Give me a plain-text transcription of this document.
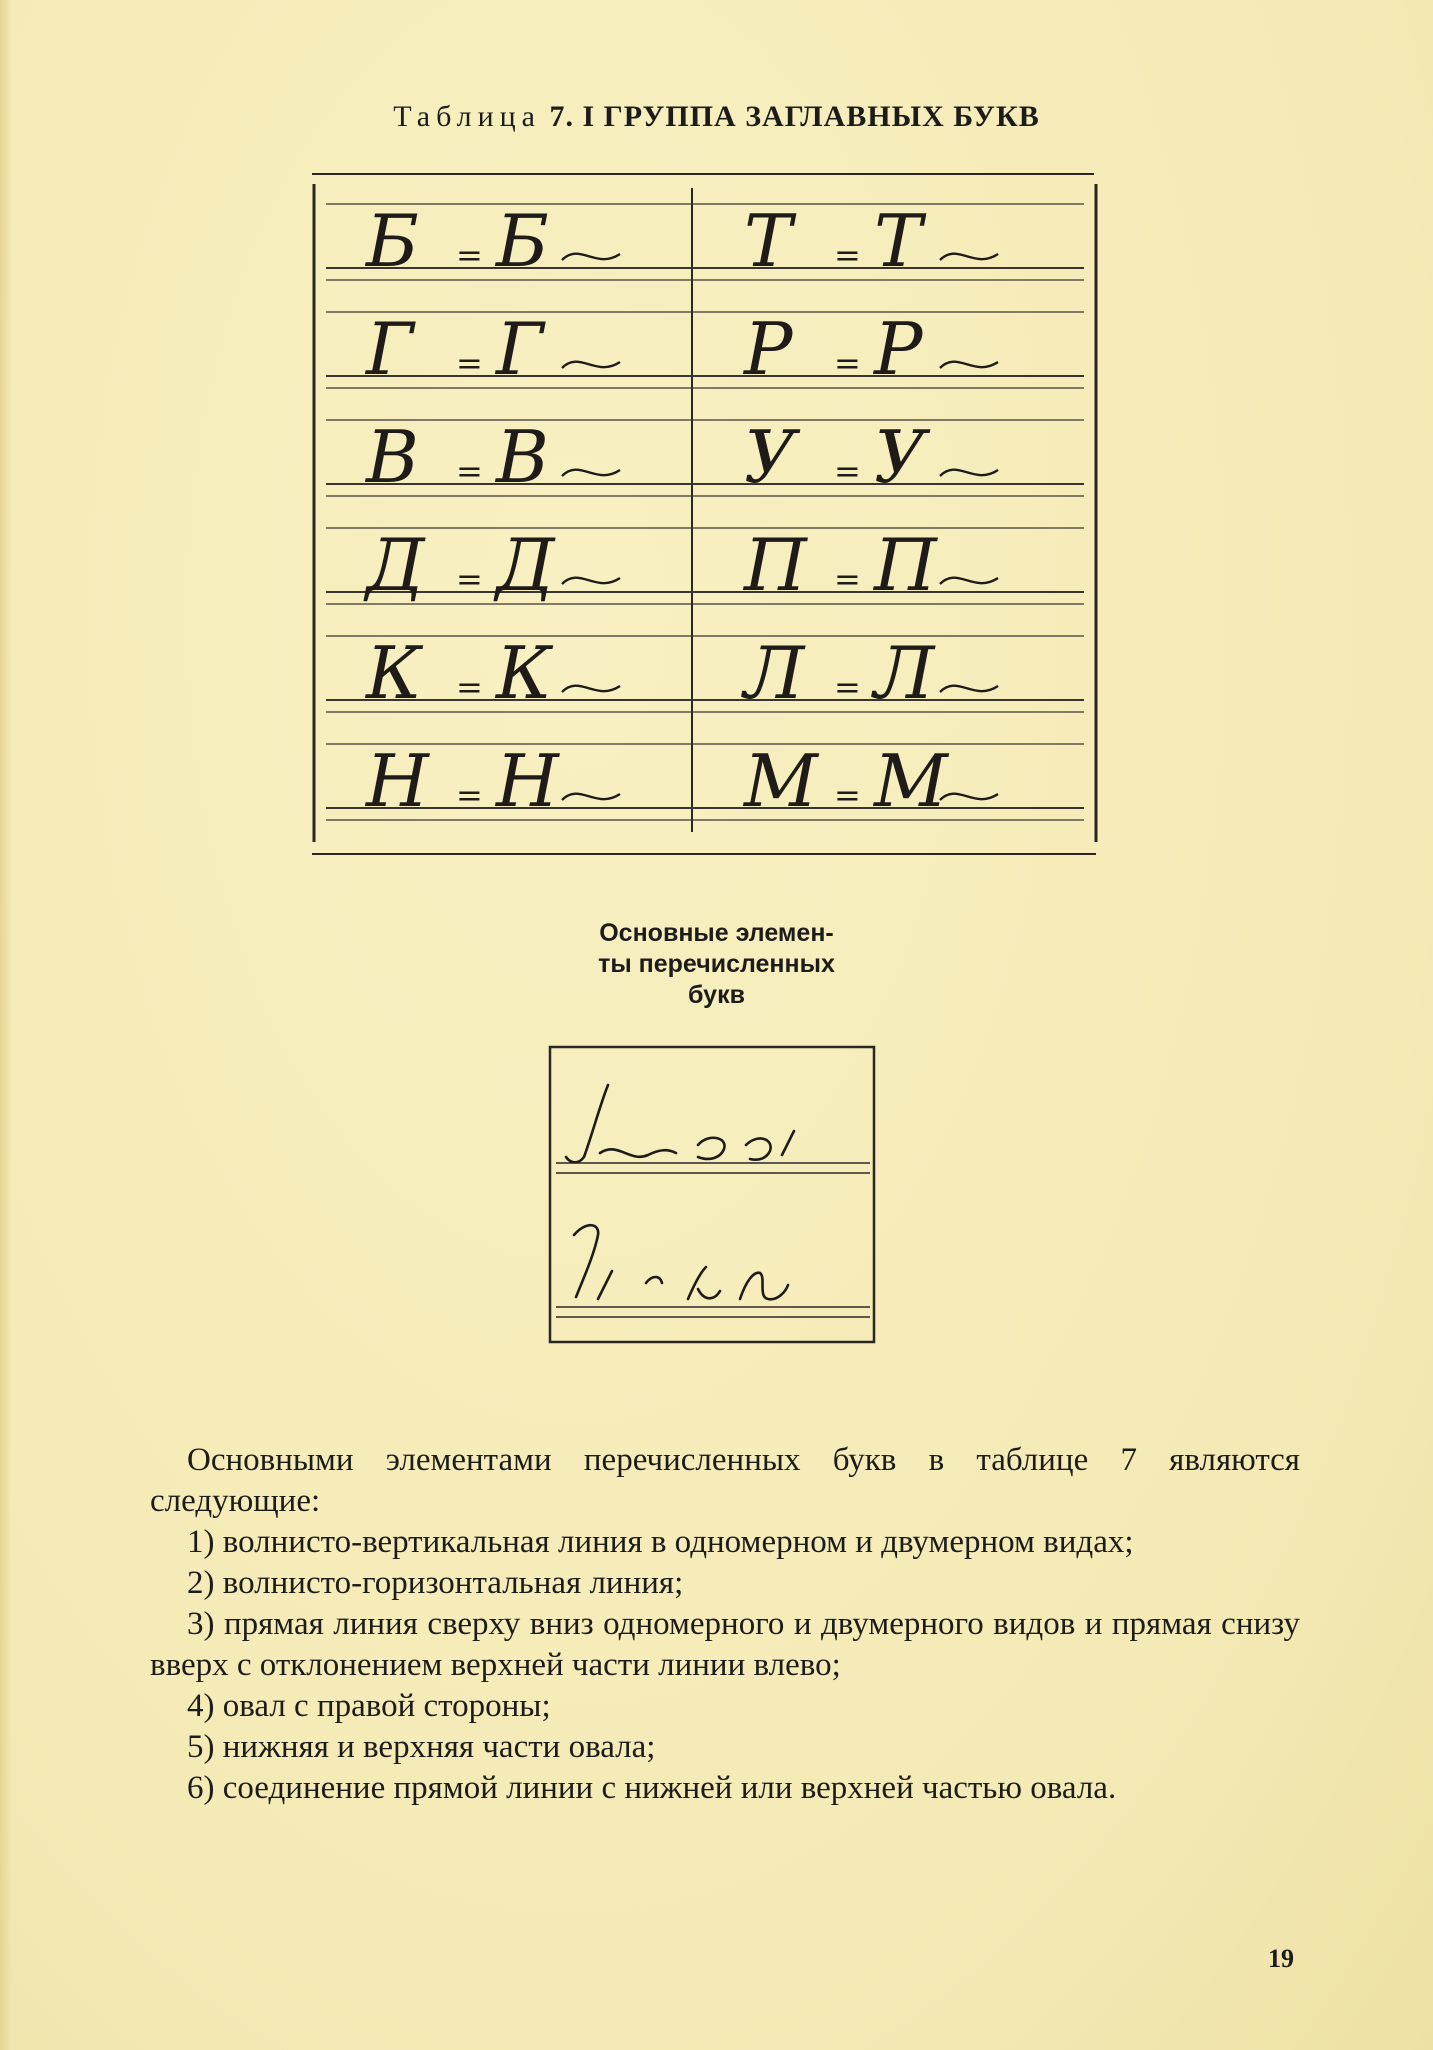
Таблица 7. I ГРУППА ЗАГЛАВНЫХ БУКВ
Б = Б
Г = Г
В = В
Д = Д
К = К
Н = Н
Т = Т
Р = Р
У = У
П = П
Л = Л
М = М
Основные элемен-
ты перечисленных
букв

Основными элементами перечисленных букв в таблице 7 являются следующие:

1) волнисто-вертикальная линия в одномерном и двумерном видах;

2) волнисто-горизонтальная линия;

3) прямая линия сверху вниз одномерного и двумерного видов и прямая снизу вверх с отклонением верхней части линии влево;

4) овал с правой стороны;

5) нижняя и верхняя части овала;

6) соединение прямой линии с нижней или верхней частью овала.

19
